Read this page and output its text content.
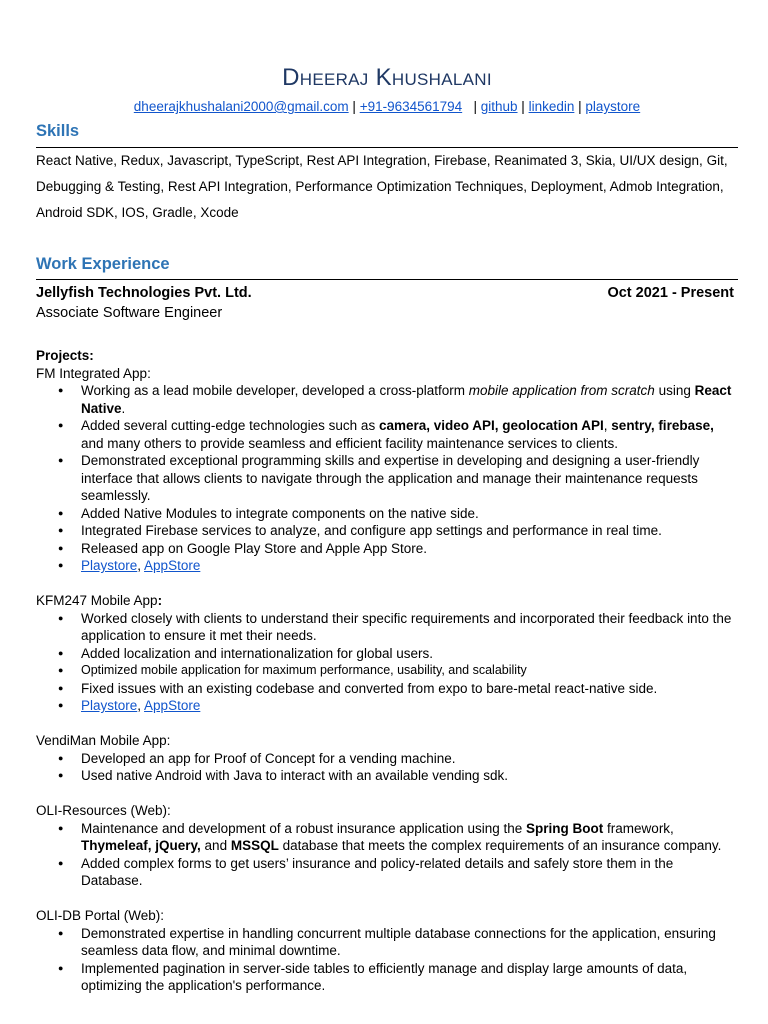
Dheeraj Khushalani
dheerajkhushalani2000@gmail.com | +91-9634561794 | github | linkedin | playstore
Skills
React Native, Redux, Javascript, TypeScript, Rest API Integration, Firebase, Reanimated 3, Skia, UI/UX design, Git, Debugging & Testing, Rest API Integration, Performance Optimization Techniques, Deployment, Admob Integration, Android SDK, IOS, Gradle, Xcode
Work Experience
Jellyfish Technologies Pvt. Ltd.	Oct 2021 - Present
Associate Software Engineer
Projects:
FM Integrated App:
● Working as a lead mobile developer, developed a cross-platform mobile application from scratch using React Native.
● Added several cutting-edge technologies such as camera, video API, geolocation API, sentry, firebase, and many others to provide seamless and efficient facility maintenance services to clients.
● Demonstrated exceptional programming skills and expertise in developing and designing a user-friendly interface that allows clients to navigate through the application and manage their maintenance requests seamlessly.
● Added Native Modules to integrate components on the native side.
● Integrated Firebase services to analyze, and configure app settings and performance in real time.
● Released app on Google Play Store and Apple App Store.
● Playstore, AppStore
KFM247 Mobile App:
● Worked closely with clients to understand their specific requirements and incorporated their feedback into the application to ensure it met their needs.
● Added localization and internationalization for global users.
● Optimized mobile application for maximum performance, usability, and scalability
● Fixed issues with an existing codebase and converted from expo to bare-metal react-native side.
● Playstore, AppStore
VendiMan Mobile App:
● Developed an app for Proof of Concept for a vending machine.
● Used native Android with Java to interact with an available vending sdk.
OLI-Resources (Web):
● Maintenance and development of a robust insurance application using the Spring Boot framework, Thymeleaf, jQuery, and MSSQL database that meets the complex requirements of an insurance company.
● Added complex forms to get users’ insurance and policy-related details and safely store them in the Database.
OLI-DB Portal (Web):
● Demonstrated expertise in handling concurrent multiple database connections for the application, ensuring seamless data flow, and minimal downtime.
● Implemented pagination in server-side tables to efficiently manage and display large amounts of data, optimizing the application's performance.
